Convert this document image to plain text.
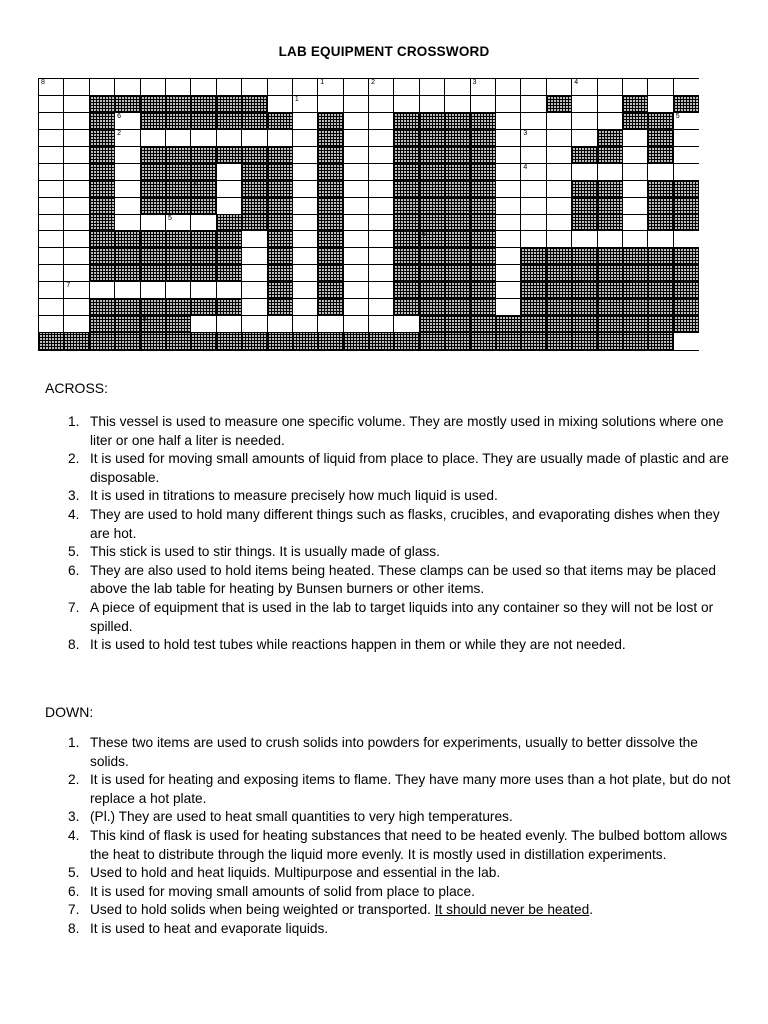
LAB EQUIPMENT CROSSWORD
8	1	2	3	4
1
6	5
2	3
4
7
5
6
7
8
ACROSS:
1. This vessel is used to measure one specific volume. They are mostly used in mixing solutions where one liter or one half a liter is needed.
2. It is used for moving small amounts of liquid from place to place. They are usually made of plastic and are disposable.
3. It is used in titrations to measure precisely how much liquid is used.
4. They are used to hold many different things such as flasks, crucibles, and evaporating dishes when they are hot.
5. This stick is used to stir things. It is usually made of glass.
6. They are also used to hold items being heated. These clamps can be used so that items may be placed above the lab table for heating by Bunsen burners or other items.
7. A piece of equipment that is used in the lab to target liquids into any container so they will not be lost or spilled.
8. It is used to hold test tubes while reactions happen in them or while they are not needed.
DOWN:
1. These two items are used to crush solids into powders for experiments, usually to better dissolve the solids.
2. It is used for heating and exposing items to flame. They have many more uses than a hot plate, but do not replace a hot plate.
3. (Pl.) They are used to heat small quantities to very high temperatures.
4. This kind of flask is used for heating substances that need to be heated evenly. The bulbed bottom allows the heat to distribute through the liquid more evenly. It is mostly used in distillation experiments.
5. Used to hold and heat liquids. Multipurpose and essential in the lab.
6. It is used for moving small amounts of solid from place to place.
7. Used to hold solids when being weighted or transported. It should never be heated.
8. It is used to heat and evaporate liquids.
